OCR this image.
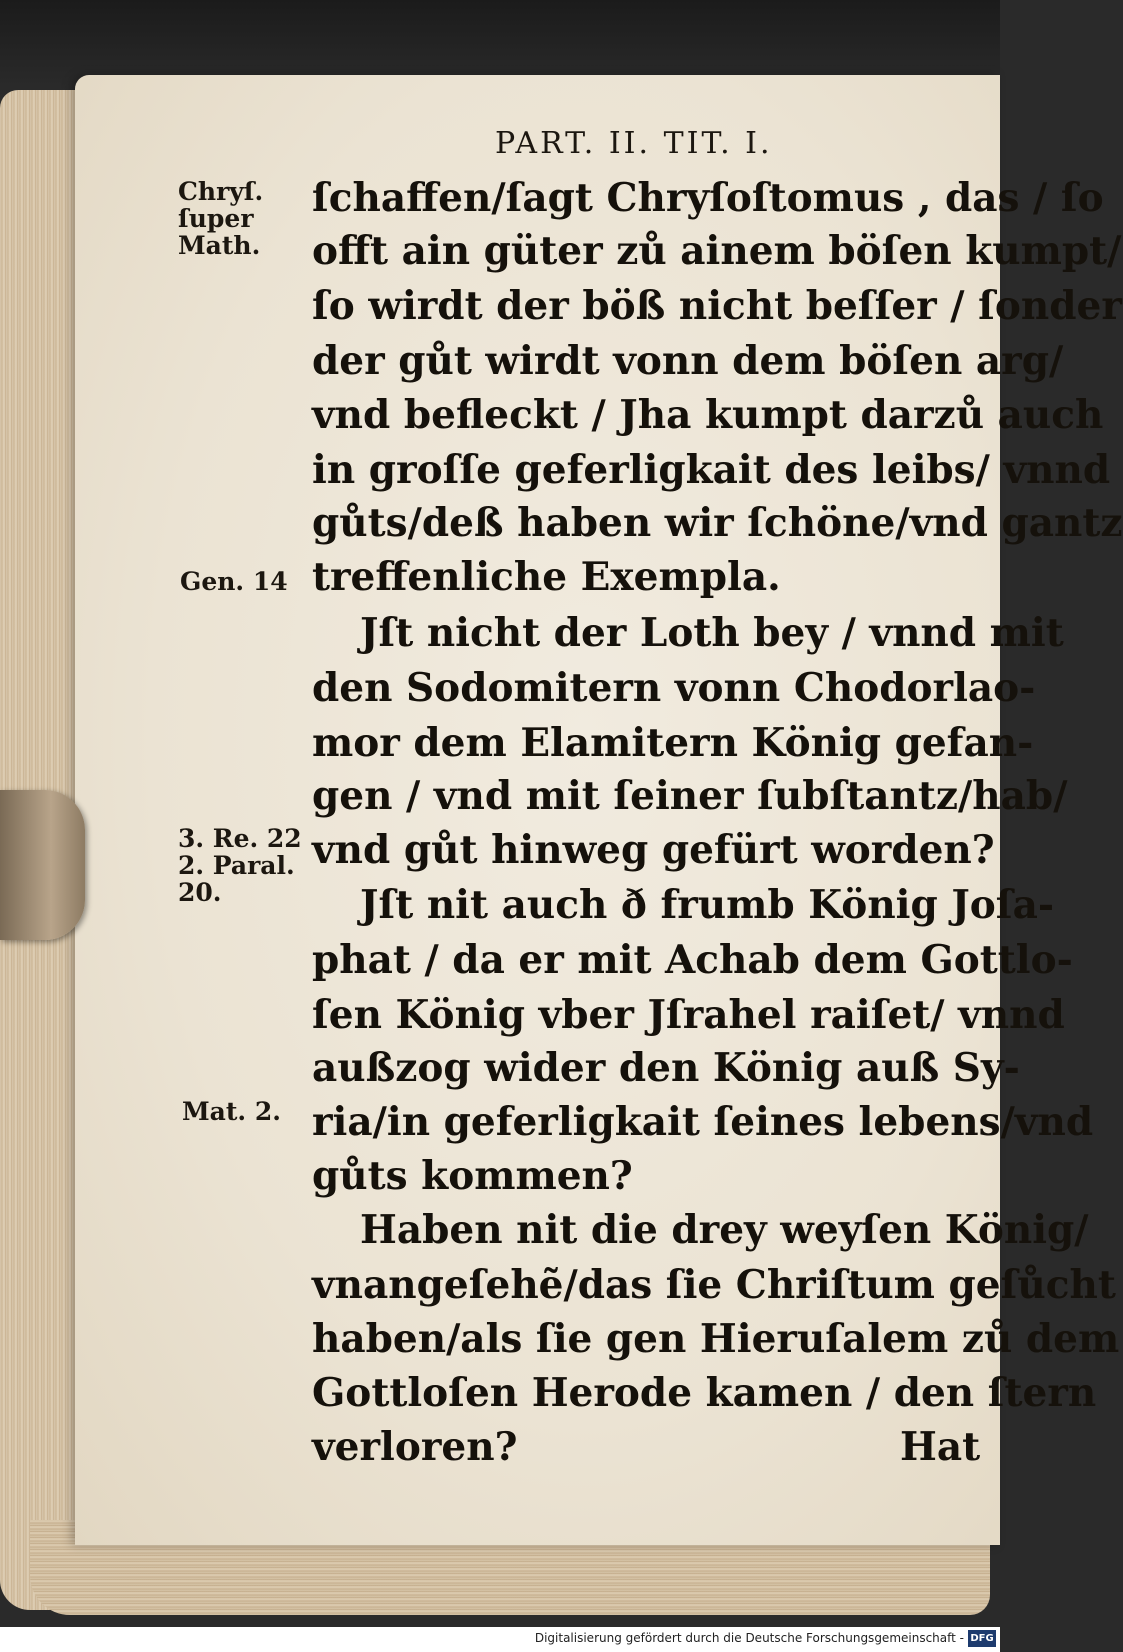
PART. II. TIT. I.
Chryſ.
ſuper
Math.
Gen. 14
3. Re. 22
2. Paral.
20.
Mat. 2.
ſchaffen/ſagt Chryſoſtomus , das / ſo
offt ain güter zů ainem böſen kumpt/
ſo wirdt der böß nicht beſſer / ſonder
der gůt wirdt vonn dem böſen arg/
vnd befleckt / Jha kumpt darzů auch
in groſſe geferligkait des leibs/ vnnd
gůts/deß haben wir ſchöne/vnd gantz
treffenliche Exempla.
Jſt nicht der Loth bey / vnnd mit
den Sodomitern vonn Chodorlao-
mor dem Elamitern König gefan-
gen / vnd mit ſeiner ſubſtantz/hab/
vnd gůt hinweg gefürt worden?
Jſt nit auch ð frumb König Joſa-
phat / da er mit Achab dem Gottlo-
ſen König vber Jſrahel raiſet/ vnnd
außzog wider den König auß Sy-
ria/in geferligkait ſeines lebens/vnd
gůts kommen?
Haben nit die drey weyſen König/
vnangeſehẽ/das ſie Chriſtum geſůcht
haben/als ſie gen Hieruſalem zů dem
Gottloſen Herode kamen / den ſtern
verloren?	Hat
Digitalisierung gefördert durch die Deutsche Forschungsgemeinschaft - DFG
